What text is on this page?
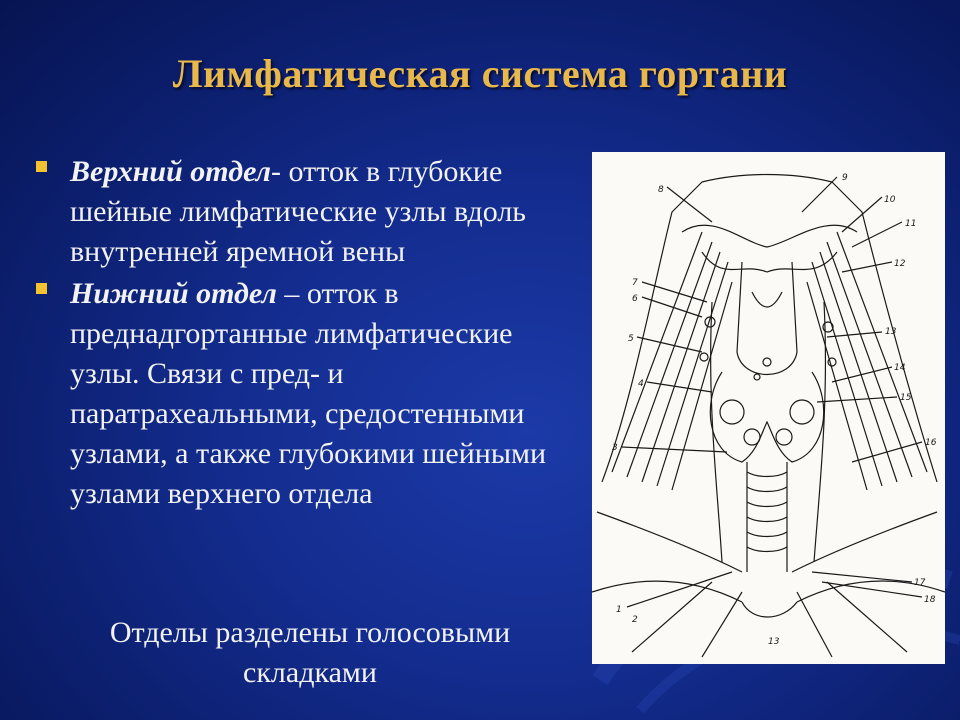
Лимфатическая система гортани
Верхний отдел- отток в глубокие шейные лимфатические узлы вдоль внутренней яремной вены
Нижний отдел – отток в преднадгортанные лимфатические узлы. Связи с пред- и паратрахеальными, средостенными узлами, а также глубокими шейными узлами верхнего отдела
Отделы разделены голосовыми складками
8
9
10
11
12
7
6
5
13
4
14
15
3	16
1
2
17
18
13
